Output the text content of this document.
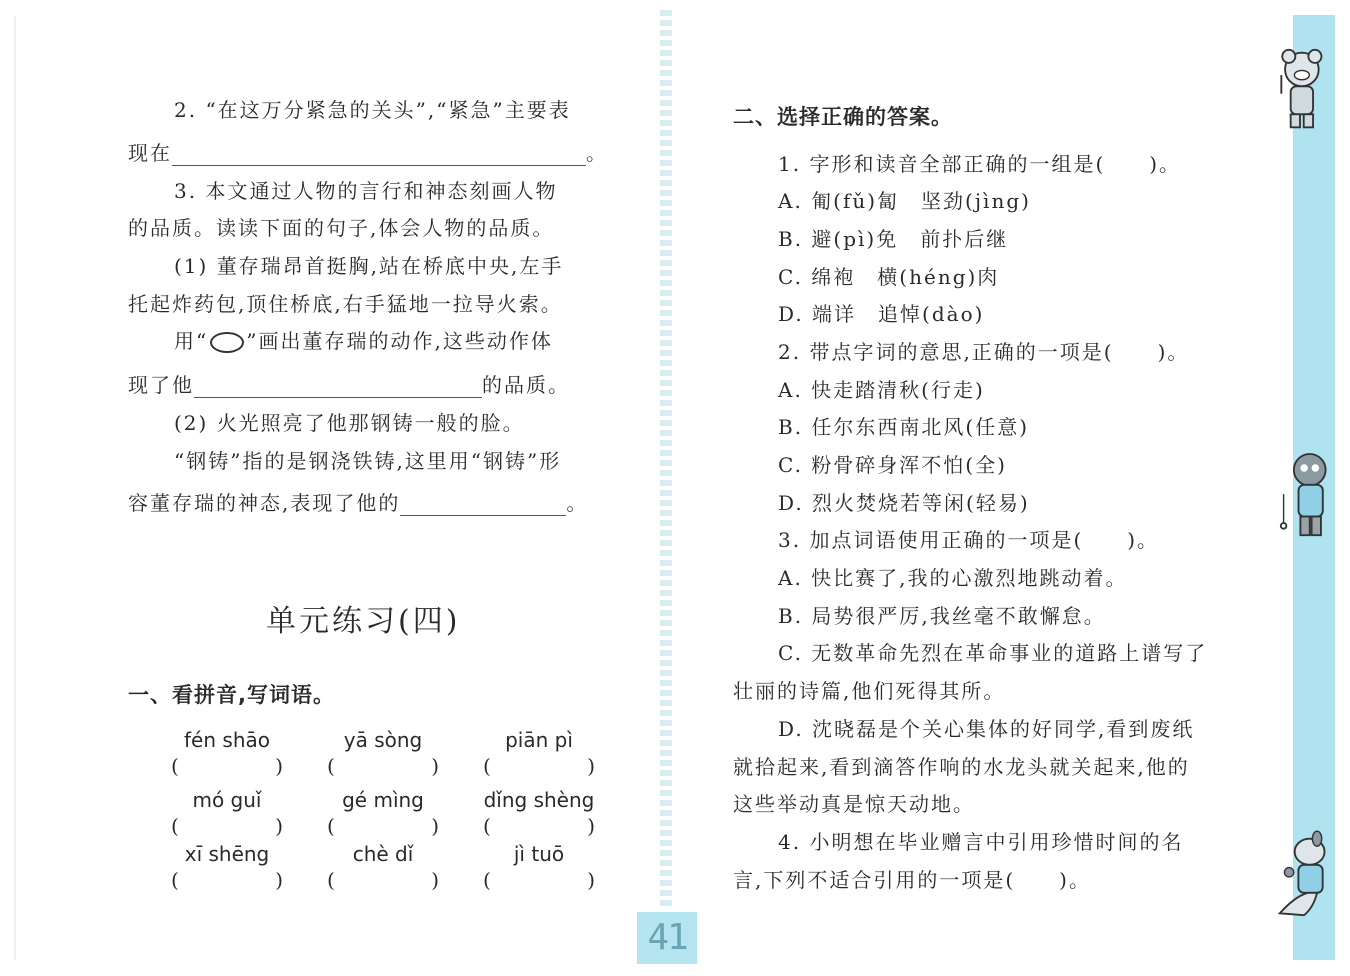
2. “在这万分紧急的关头”,“紧急”主要表
现在	。
3. 本文通过人物的言行和神态刻画人物
的品质。读读下面的句子,体会人物的品质。
(1) 董存瑞昂首挺胸,站在桥底中央,左手
托起炸药包,顶住桥底,右手猛地一拉导火索。
用“ ○ ”画出董存瑞的动作,这些动作体
现了他	的品质。
(2) 火光照亮了他那钢铸一般的脸。
“钢铸”指的是钢浇铁铸,这里用“钢铸”形
容董存瑞的神态,表现了他的	。
单元练习(四)
一、看拼音,写词语。
fén shāo	yā sòng	piān pì
(	) (	) (	)
mó guǐ	gé mìng	dǐng shèng
(	) (	) (	)
xī shēng	chè dǐ	jì tuō
(	) (	) (	)
二、选择正确的答案。
1. 字形和读音全部正确的一组是(　　)。
A. 匍(fǔ)匐　坚劲(jìng)
B. 避(pì)免　前扑后继
C. 绵袍　横(héng)肉
D. 端详　追悼(dào)
2. 带点字词的意思,正确的一项是(　　)。
A. 快走踏清秋(行走)
B. 任尔东西南北风(任意)
C. 粉骨碎身浑不怕(全)
D. 烈火焚烧若等闲(轻易)
3. 加点词语使用正确的一项是(　　)。
A. 快比赛了,我的心激烈地跳动着。
B. 局势很严厉,我丝毫不敢懈怠。
C. 无数革命先烈在革命事业的道路上谱写了
壮丽的诗篇,他们死得其所。
D. 沈晓磊是个关心集体的好同学,看到废纸
就拾起来,看到滴答作响的水龙头就关起来,他的
这些举动真是惊天动地。
4. 小明想在毕业赠言中引用珍惜时间的名
言,下列不适合引用的一项是(　　)。
41
